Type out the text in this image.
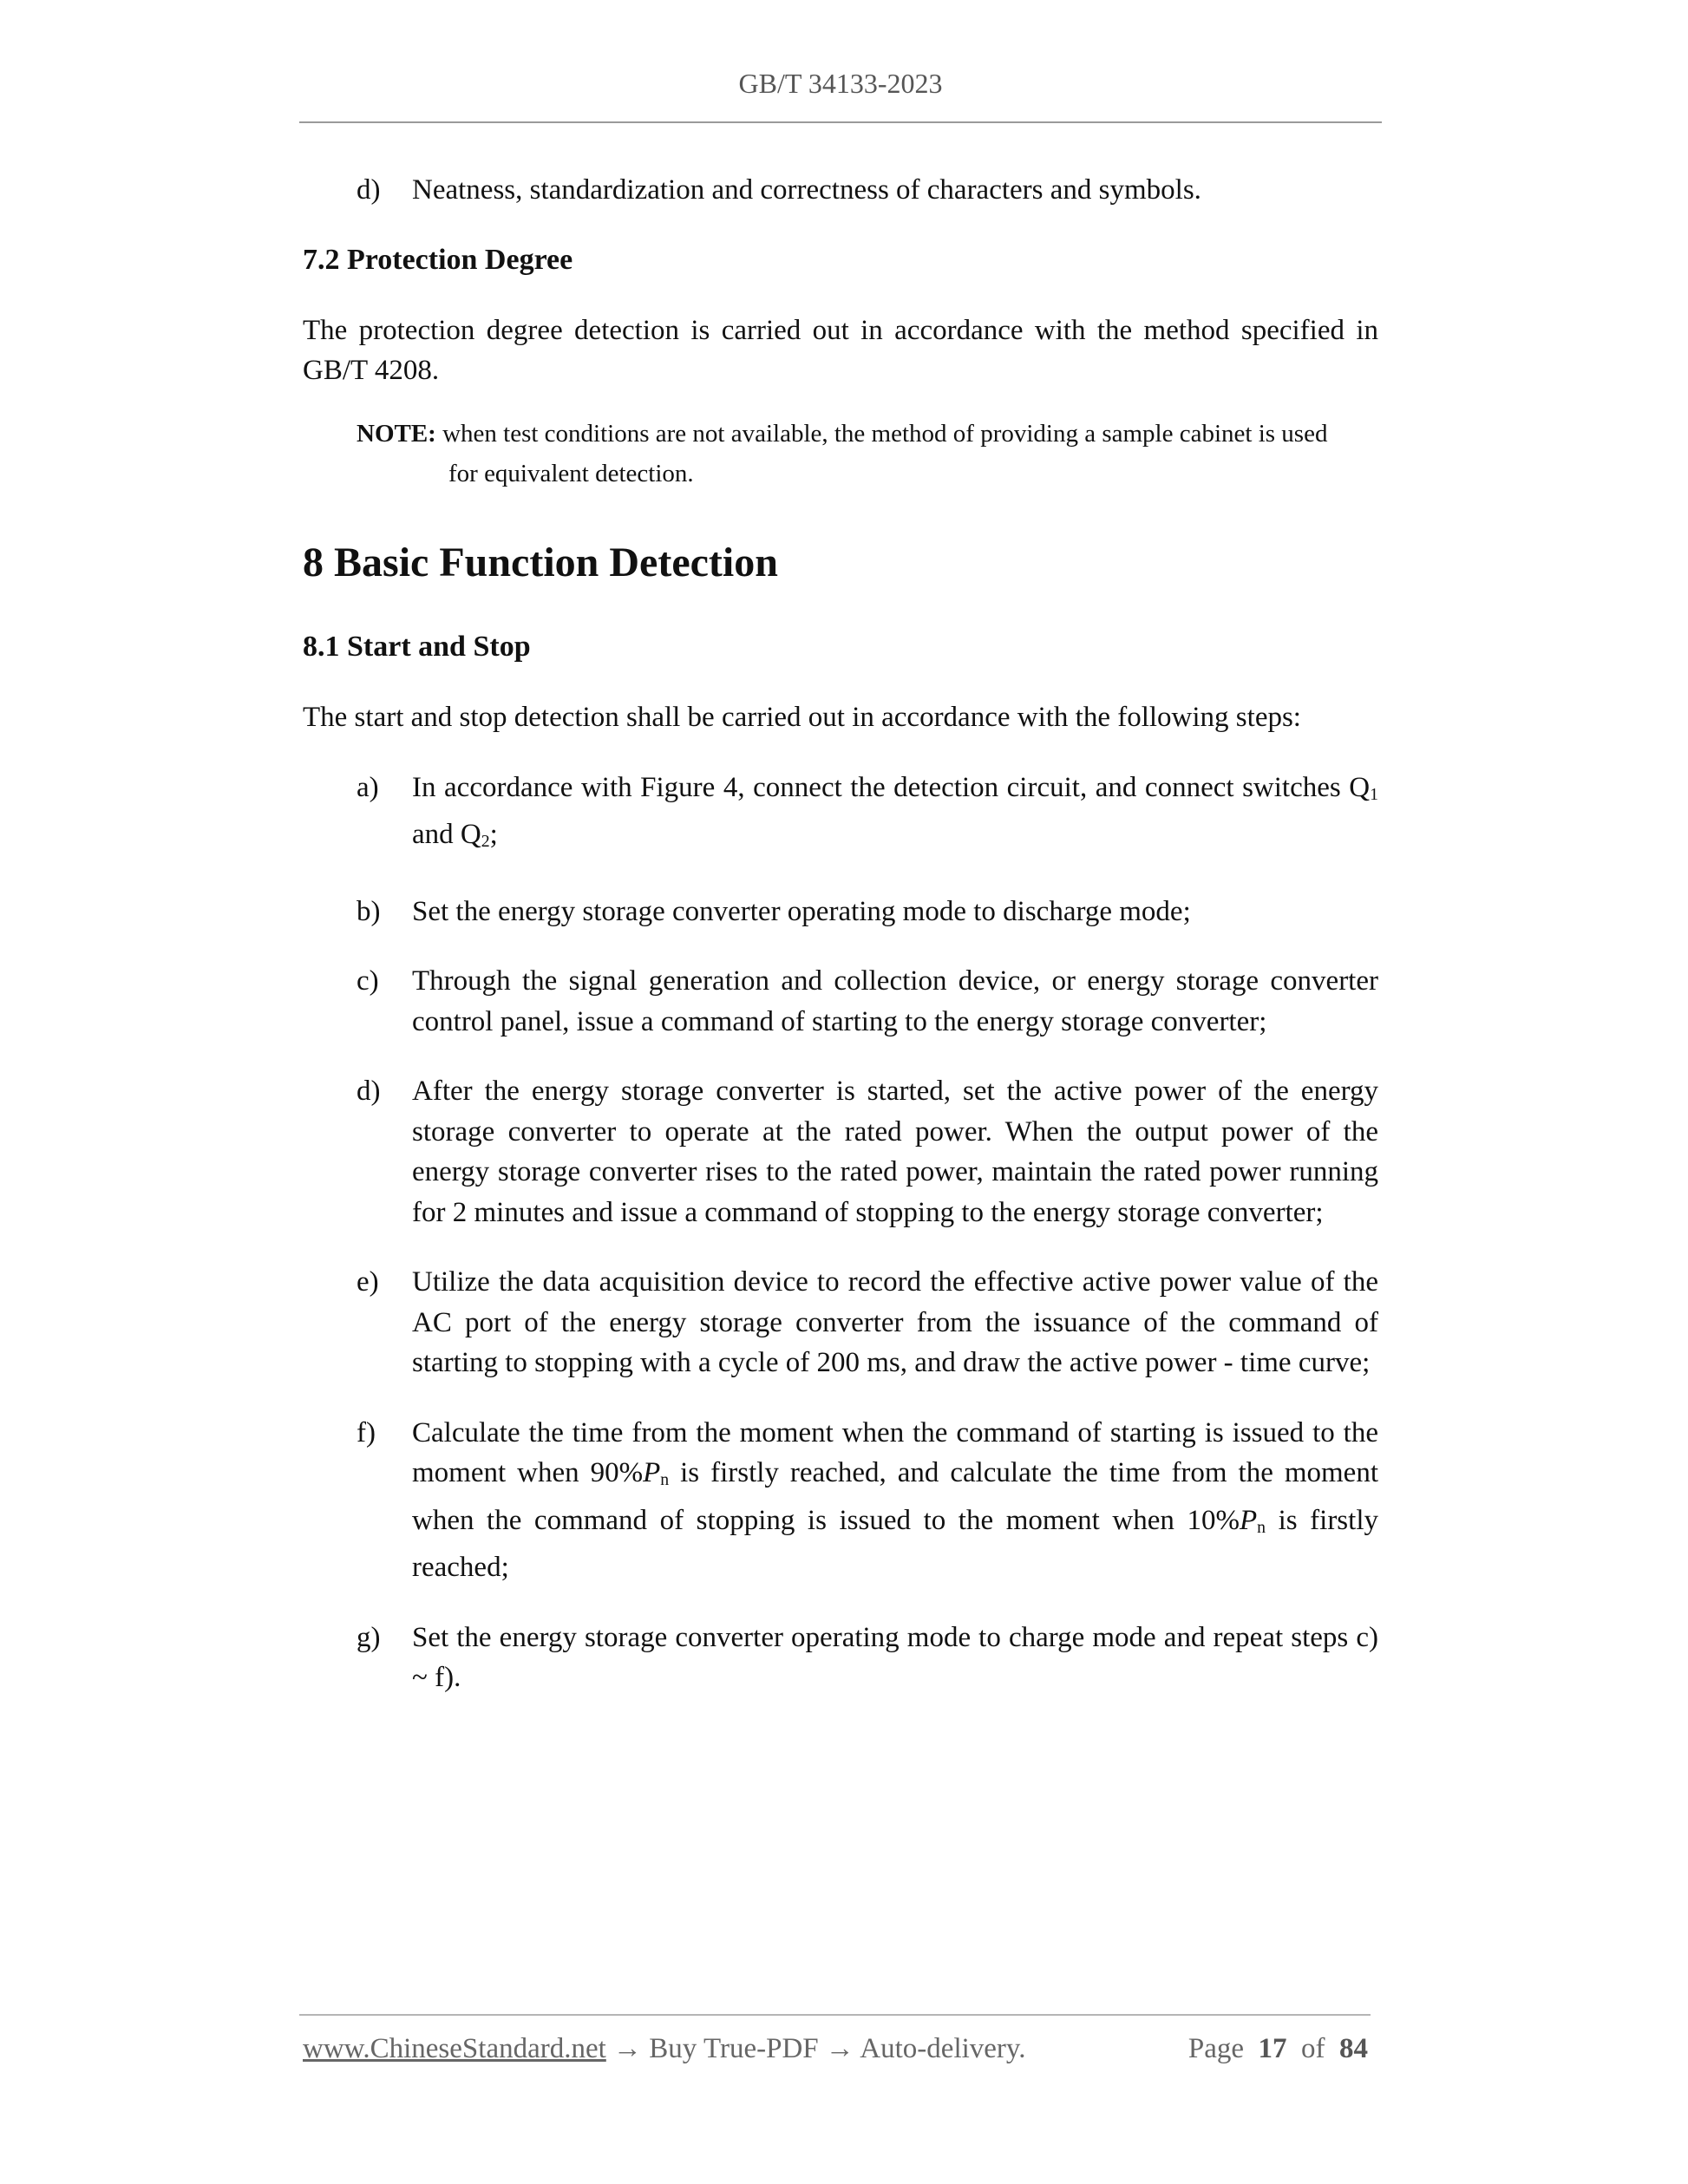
GB/T 34133-2023
d)	Neatness, standardization and correctness of characters and symbols.
7.2 Protection Degree

The protection degree detection is carried out in accordance with the method specified in GB/T 4208.

NOTE: when test conditions are not available, the method of providing a sample cabinet is used
for equivalent detection.
8 Basic Function Detection
8.1 Start and Stop

The start and stop detection shall be carried out in accordance with the following steps:

a)	In accordance with Figure 4, connect the detection circuit, and connect switches $Q_1$ and $Q_2$;
b)	Set the energy storage converter operating mode to discharge mode;
c)	Through the signal generation and collection device, or energy storage converter control panel, issue a command of starting to the energy storage converter;
d)	After the energy storage converter is started, set the active power of the energy storage converter to operate at the rated power. When the output power of the energy storage converter rises to the rated power, maintain the rated power running for 2 minutes and issue a command of stopping to the energy storage converter;
e)	Utilize the data acquisition device to record the effective active power value of the AC port of the energy storage converter from the issuance of the command of starting to stopping with a cycle of 200 ms, and draw the active power - time curve;
f)	Calculate the time from the moment when the command of starting is issued to the moment when $90\%P_n$ is firstly reached, and calculate the time from the moment when the command of stopping is issued to the moment when $10\%P_n$ is firstly reached;
g)	Set the energy storage converter operating mode to charge mode and repeat steps c) ~ f).
www.ChineseStandard.net → Buy True-PDF → Auto-delivery.	Page 17 of 84
